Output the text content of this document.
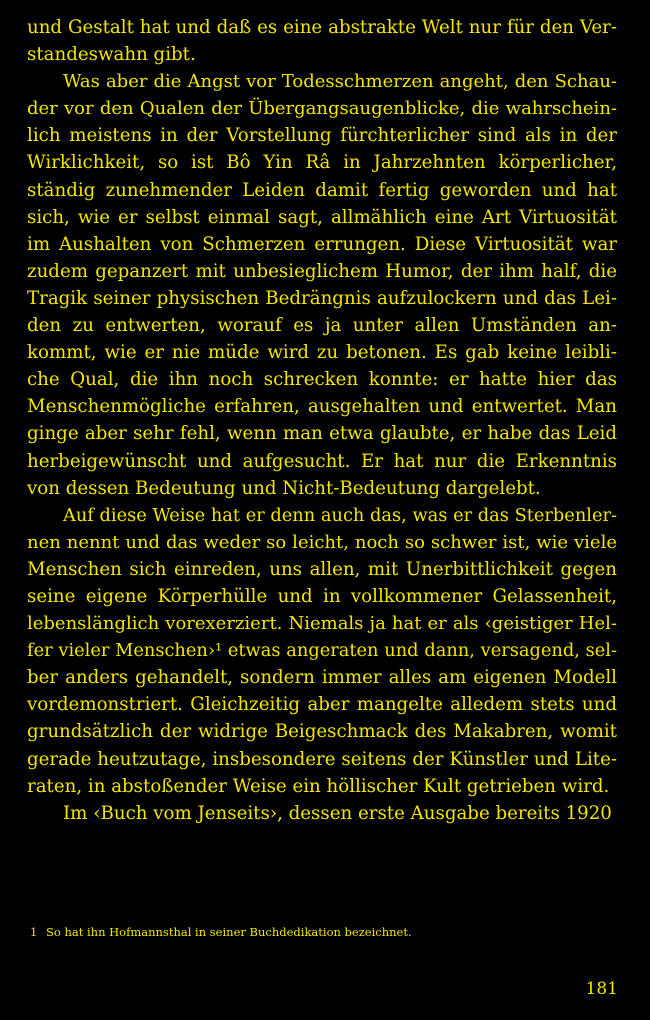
und Gestalt hat und daß es eine abstrakte Welt nur für den Ver-
standeswahn gibt.
Was aber die Angst vor Todesschmerzen angeht, den Schau-
der vor den Qualen der Übergangsaugenblicke, die wahrschein-
lich meistens in der Vorstellung fürchterlicher sind als in der
Wirklichkeit, so ist Bô Yin Râ in Jahrzehnten körperlicher,
ständig zunehmender Leiden damit fertig geworden und hat
sich, wie er selbst einmal sagt, allmählich eine Art Virtuosität
im Aushalten von Schmerzen errungen. Diese Virtuosität war
zudem gepanzert mit unbesieglichem Humor, der ihm half, die
Tragik seiner physischen Bedrängnis aufzulockern und das Lei-
den zu entwerten, worauf es ja unter allen Umständen an-
kommt, wie er nie müde wird zu betonen. Es gab keine leibli-
che Qual, die ihn noch schrecken konnte: er hatte hier das
Menschenmögliche erfahren, ausgehalten und entwertet. Man
ginge aber sehr fehl, wenn man etwa glaubte, er habe das Leid
herbeigewünscht und aufgesucht. Er hat nur die Erkenntnis
von dessen Bedeutung und Nicht-Bedeutung dargelebt.
Auf diese Weise hat er denn auch das, was er das Sterbenler-
nen nennt und das weder so leicht, noch so schwer ist, wie viele
Menschen sich einreden, uns allen, mit Unerbittlichkeit gegen
seine eigene Körperhülle und in vollkommener Gelassenheit,
lebenslänglich vorexerziert. Niemals ja hat er als ‹geistiger Hel-
fer vieler Menschen›¹ etwas angeraten und dann, versagend, sel-
ber anders gehandelt, sondern immer alles am eigenen Modell
vordemonstriert. Gleichzeitig aber mangelte alledem stets und
grundsätzlich der widrige Beigeschmack des Makabren, womit
gerade heutzutage, insbesondere seitens der Künstler und Lite-
raten, in abstoßender Weise ein höllischer Kult getrieben wird.
Im ‹Buch vom Jenseits›, dessen erste Ausgabe bereits 1920
1 So hat ihn Hofmannsthal in seiner Buchdedikation bezeichnet.
181
